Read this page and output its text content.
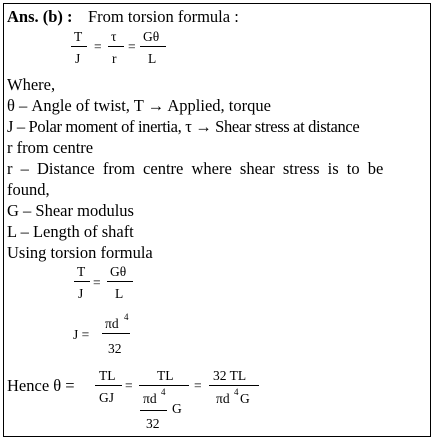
Ans. (b) : From torsion formula :
T
J
=
τ
r
=
Gθ
L
Where,
θ – Angle of twist, T → Applied, torque
J – Polar moment of inertia, τ → Shear stress at distance
r from centre
r – Distance from centre where shear stress is to be
found,
G – Shear modulus
L – Length of shaft
Using torsion formula
T
J
=
Gθ
L
J =
πd 4
32
Hence θ =
TL
GJ
=
TL
πd 4
32
G
=
32 TL
πd 4 G
